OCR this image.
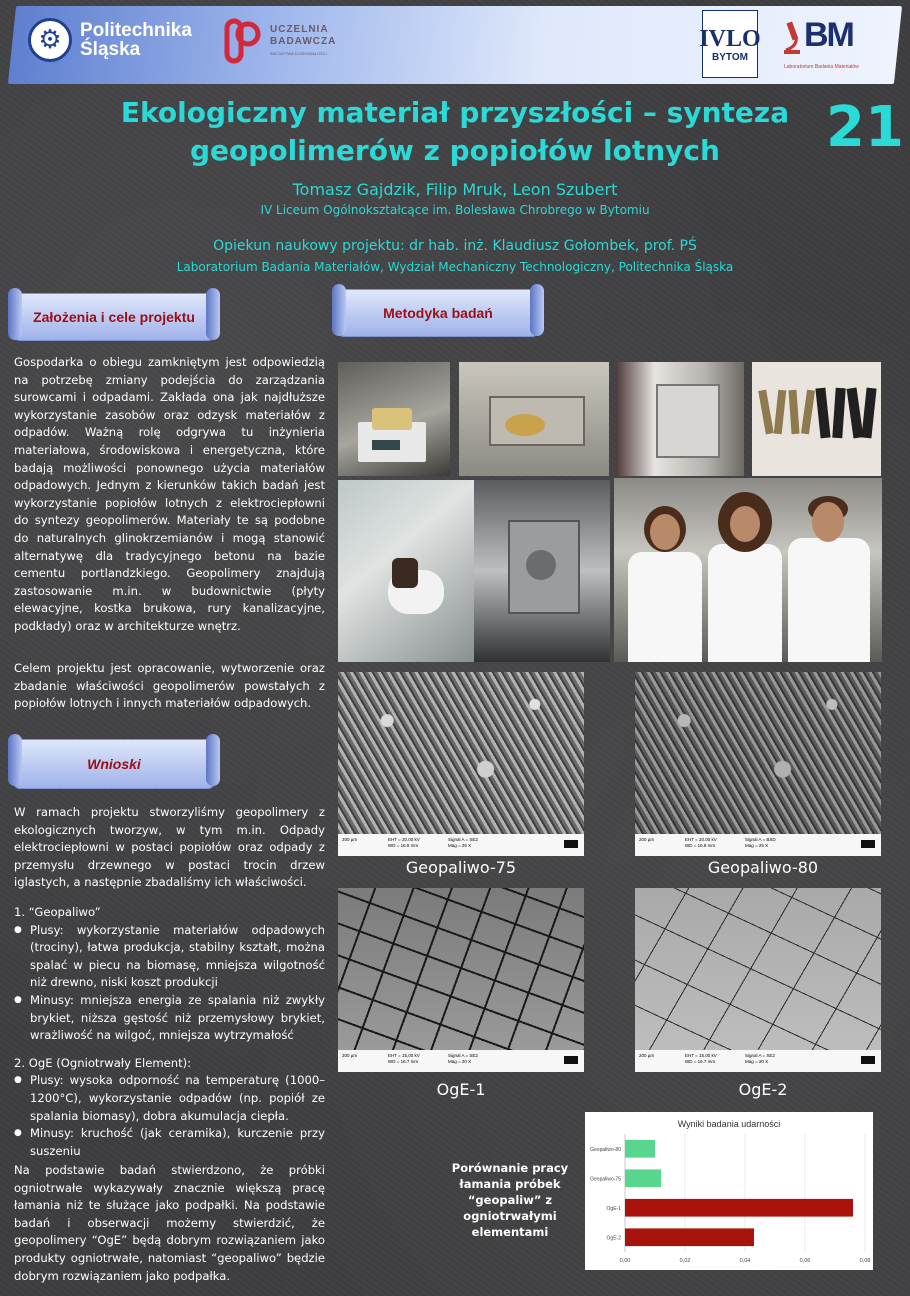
⚙ Politechnika
Śląska
UCZELNIA
BADAWCZA
INICJATYWA DOSKONAŁOŚCI
IVLO
BYTOM
BM
Laboratorium Badania Materiałów
Ekologiczny materiał przyszłości – synteza geopolimerów z popiołów lotnych	21
Tomasz Gajdzik, Filip Mruk, Leon Szubert
IV Liceum Ogólnokształcące im. Bolesława Chrobrego w Bytomiu
Opiekun naukowy projektu: dr hab. inż. Klaudiusz Gołombek, prof. PŚ
Laboratorium Badania Materiałów, Wydział Mechaniczny Technologiczny, Politechnika Śląska
Założenia i cele projektu	Metodyka badań
Wnioski
Gospodarka o obiegu zamkniętym jest odpowiedzią na potrzebę zmiany podejścia do zarządzania surowcami i odpadami. Zakłada ona jak najdłuższe wykorzystanie zasobów oraz odzysk materiałów z odpadów. Ważną rolę odgrywa tu inżynieria materiałowa, środowiskowa i energetyczna, które badają możliwości ponownego użycia materiałów odpadowych. Jednym z kierunków takich badań jest wykorzystanie popiołów lotnych z elektrociepłowni do syntezy geopolimerów. Materiały te są podobne do naturalnych glinokrzemianów i mogą stanowić alternatywę dla tradycyjnego betonu na bazie cementu portlandzkiego. Geopolimery znajdują zastosowanie m.in. w budownictwie (płyty elewacyjne, kostka brukowa, rury kanalizacyjne, podkłady) oraz w architekturze wnętrz.
Celem projektu jest opracowanie, wytworzenie oraz zbadanie właściwości geopolimerów powstałych z popiołów lotnych i innych materiałów odpadowych.
W ramach projektu stworzyliśmy geopolimery z ekologicznych tworzyw, w tym m.in. Odpady elektrociepłowni w postaci popiołów oraz odpady z przemysłu drzewnego w postaci trocin drzew iglastych, a następnie zbadaliśmy ich właściwości.

1. “Geopaliwo”

● Plusy: wykorzystanie materiałów odpadowych (trociny), łatwa produkcja, stabilny kształt, można spalać w piecu na biomasę, mniejsza wilgotność niż drewno, niski koszt produkcji
● Minusy: mniejsza energia ze spalania niż zwykły brykiet, niższa gęstość niż przemysłowy brykiet, wrażliwość na wilgoć, mniejsza wytrzymałość

2. OgE (Ogniotrwały Element):

● Plusy: wysoka odporność na temperaturę (1000–1200°C), wykorzystanie odpadów (np. popiół ze spalania biomasy), dobra akumulacja ciepła.
● Minusy: kruchość (jak ceramika), kurczenie przy suszeniu
Na podstawie badań stwierdzono, że próbki ogniotrwałe wykazywały znacznie większą pracę łamania niż te służące jako podpałki. Na podstawie badań i obserwacji możemy stwierdzić, że geopolimery “OgE” będą dobrym rozwiązaniem jako produkty ogniotrwałe, natomiast “geopaliwo” będzie dobrym rozwiązaniem jako podpałka.
200 µm	EHT = 20.00 kV
WD = 16.8 mm
Signal A = SE2
Mag = 25 X
200 µm	EHT = 20.00 kV
WD = 16.8 mm
Signal A = BSD
Mag = 25 X
200 µm	EHT = 15.00 kV
WD = 16.7 mm
Signal A = SE2
Mag = 20 X
200 µm	EHT = 15.00 kV
WD = 16.7 mm
Signal A = SE2
Mag = 20 X
Geopaliwo-75	Geopaliwo-80
OgE-1	OgE-2
Porównanie pracy łamania próbek “geopaliw” z ogniotrwałymi elementami
Wyniki badania udarności
0,00	0,02	0,04	0,06	0,08
Geopaliwo-80
Geopaliwo-75
OgE-1
OgE-2
